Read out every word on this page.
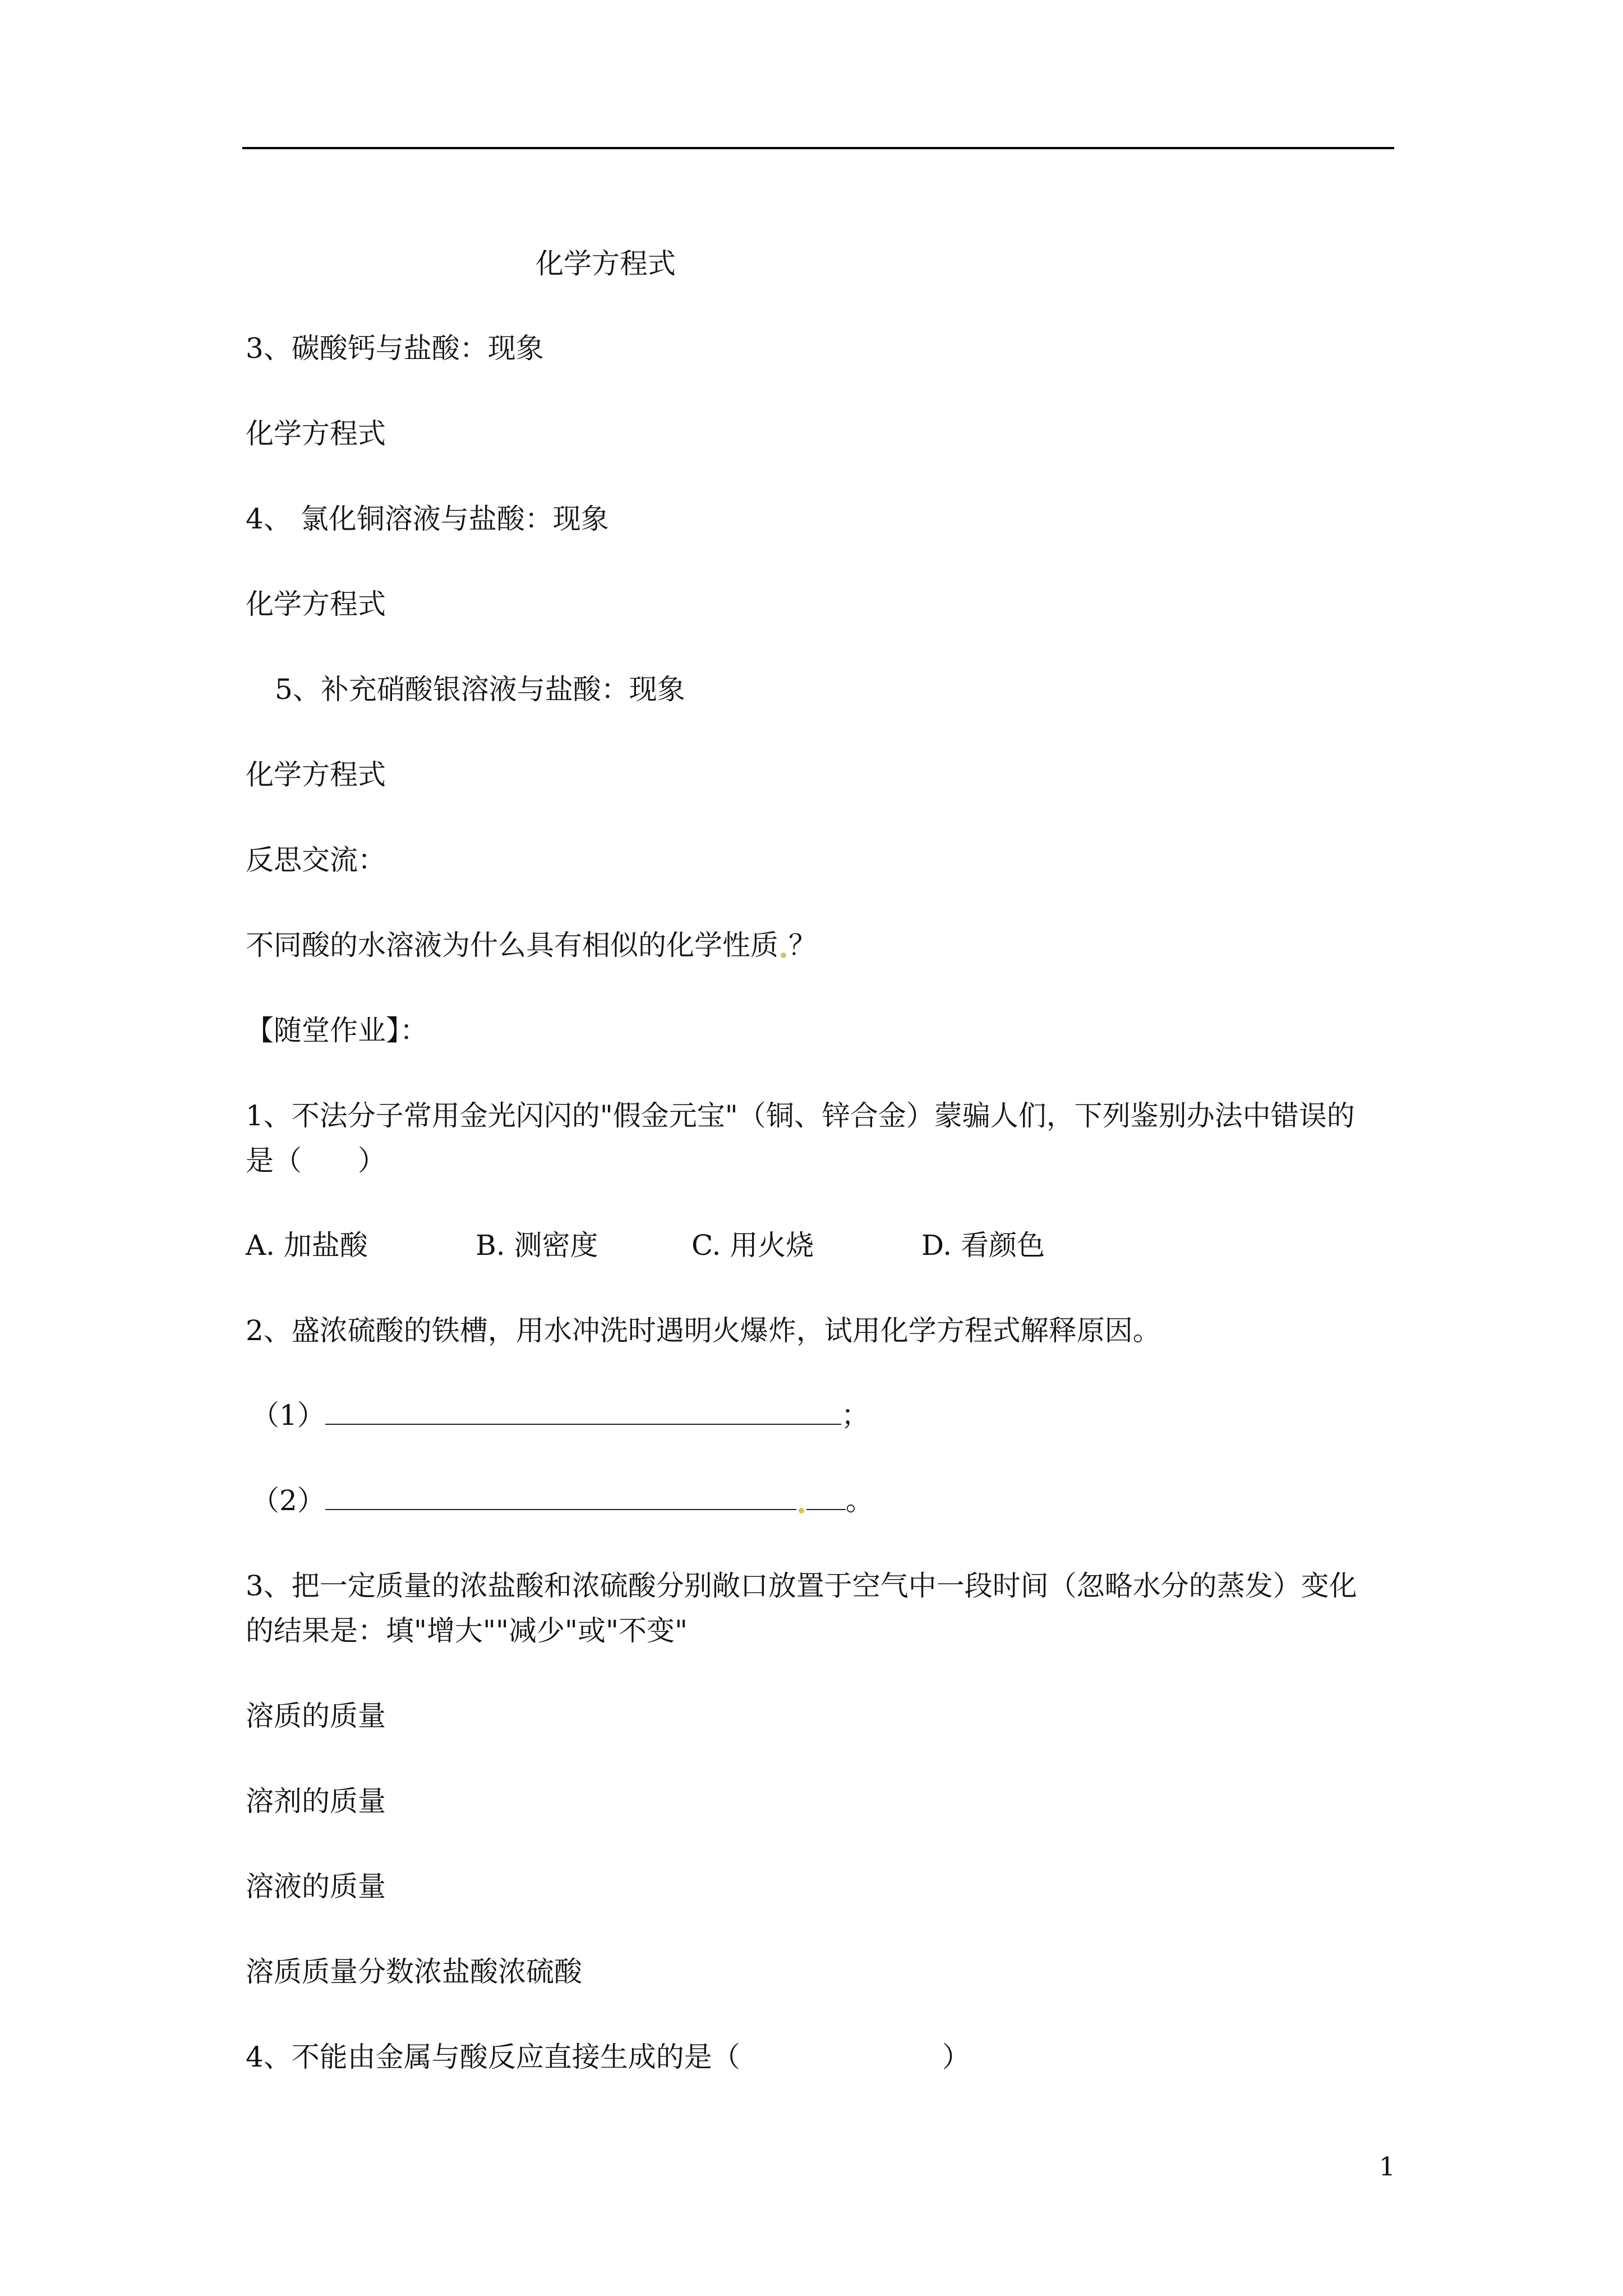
化学方程式
3、碳酸钙与盐酸：现象
化学方程式
4、 氯化铜溶液与盐酸：现象
化学方程式
5、补充硝酸银溶液与盐酸：现象
化学方程式
反思交流：
不同酸的水溶液为什么具有相似的化学性质 ？
【随堂作业】：
1、不法分子常用金光闪闪的"假金元宝"（铜、锌合金）蒙骗人们，下列鉴别办法中错误的
是（　　）
A. 加盐酸	B. 测密度	C. 用火烧	D. 看颜色
2、盛浓硫酸的铁槽，用水冲洗时遇明火爆炸，试用化学方程式解释原因。
（1）	；
（2）	。
3、把一定质量的浓盐酸和浓硫酸分别敞口放置于空气中一段时间（忽略水分的蒸发）变化
的结果是：填"增大""减少"或"不变"
溶质的质量
溶剂的质量
溶液的质量
溶质质量分数浓盐酸浓硫酸
4、不能由金属与酸反应直接生成的是（	）
1
